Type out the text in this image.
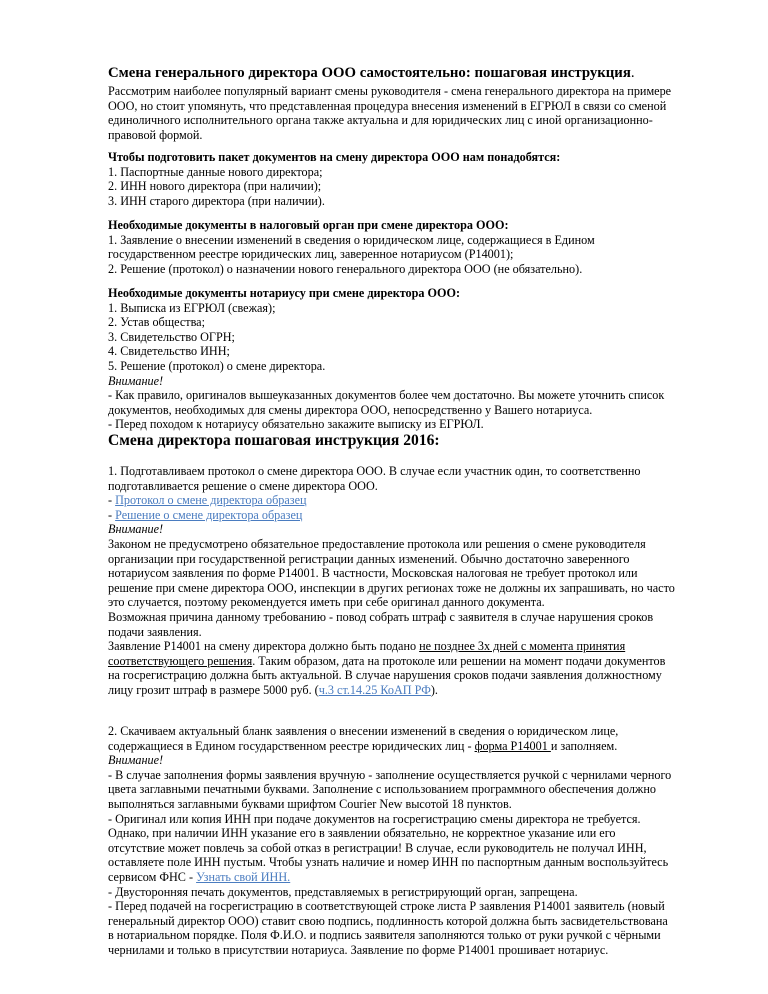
Смена генерального директора ООО самостоятельно: пошаговая инструкция.

Рассмотрим наиболее популярный вариант смены руководителя - смена генерального директора на примере
ООО, но стоит упомянуть, что представленная процедура внесения изменений в ЕГРЮЛ в связи со сменой
единоличного исполнительного органа также актуальна и для юридических лиц с иной организационно-
правовой формой.

Чтобы подготовить пакет документов на смену директора ООО нам понадобятся:
1. Паспортные данные нового директора;
2. ИНН нового директора (при наличии);
3. ИНН старого директора (при наличии).

Необходимые документы в налоговый орган при смене директора ООО:
1. Заявление о внесении изменений в сведения о юридическом лице, содержащиеся в Едином
государственном реестре юридических лиц, заверенное нотариусом (Р14001);
2. Решение (протокол) о назначении нового генерального директора ООО (не обязательно).

Необходимые документы нотариусу при смене директора ООО:
1. Выписка из ЕГРЮЛ (свежая);
2. Устав общества;
3. Свидетельство ОГРН;
4. Свидетельство ИНН;
5. Решение (протокол) о смене директора.
Внимание!
- Как правило, оригиналов вышеуказанных документов более чем достаточно. Вы можете уточнить список
документов, необходимых для смены директора ООО, непосредственно у Вашего нотариуса.
- Перед походом к нотариусу обязательно закажите выписку из ЕГРЮЛ.

Смена директора пошаговая инструкция 2016:

1. Подготавливаем протокол о смене директора ООО. В случае если участник один, то соответственно
подготавливается решение о смене директора ООО.
- Протокол о смене директора образец
- Решение о смене директора образец
Внимание!
Законом не предусмотрено обязательное предоставление протокола или решения о смене руководителя
организации при государственной регистрации данных изменений. Обычно достаточно заверенного
нотариусом заявления по форме Р14001. В частности, Московская налоговая не требует протокол или
решение при смене директора ООО, инспекции в других регионах тоже не должны их запрашивать, но часто
это случается, поэтому рекомендуется иметь при себе оригинал данного документа.
Возможная причина данному требованию - повод собрать штраф с заявителя в случае нарушения сроков
подачи заявления.
Заявление Р14001 на смену директора должно быть подано не позднее 3х дней с момента принятия
соответствующего решения. Таким образом, дата на протоколе или решении на момент подачи документов
на госрегистрацию должна быть актуальной. В случае нарушения сроков подачи заявления должностному
лицу грозит штраф в размере 5000 руб. (ч.3 ст.14.25 КоАП РФ).

2. Скачиваем актуальный бланк заявления о внесении изменений в сведения о юридическом лице,
содержащиеся в Едином государственном реестре юридических лиц - форма Р14001 и заполняем.
Внимание!
- В случае заполнения формы заявления вручную - заполнение осуществляется ручкой с чернилами черного
цвета заглавными печатными буквами. Заполнение с использованием программного обеспечения должно
выполняться заглавными буквами шрифтом Courier New высотой 18 пунктов.
- Оригинал или копия ИНН при подаче документов на госрегистрацию смены директора не требуется.
Однако, при наличии ИНН указание его в заявлении обязательно, не корректное указание или его
отсутствие может повлечь за собой отказ в регистрации! В случае, если руководитель не получал ИНН,
оставляете поле ИНН пустым. Чтобы узнать наличие и номер ИНН по паспортным данным воспользуйтесь
сервисом ФНС - Узнать свой ИНН.
- Двусторонняя печать документов, представляемых в регистрирующий орган, запрещена.
- Перед подачей на госрегистрацию в соответствующей строке листа Р заявления Р14001 заявитель (новый
генеральный директор ООО) ставит свою подпись, подлинность которой должна быть засвидетельствована
в нотариальном порядке. Поля Ф.И.О. и подпись заявителя заполняются только от руки ручкой с чёрными
чернилами и только в присутствии нотариуса. Заявление по форме Р14001 прошивает нотариус.
